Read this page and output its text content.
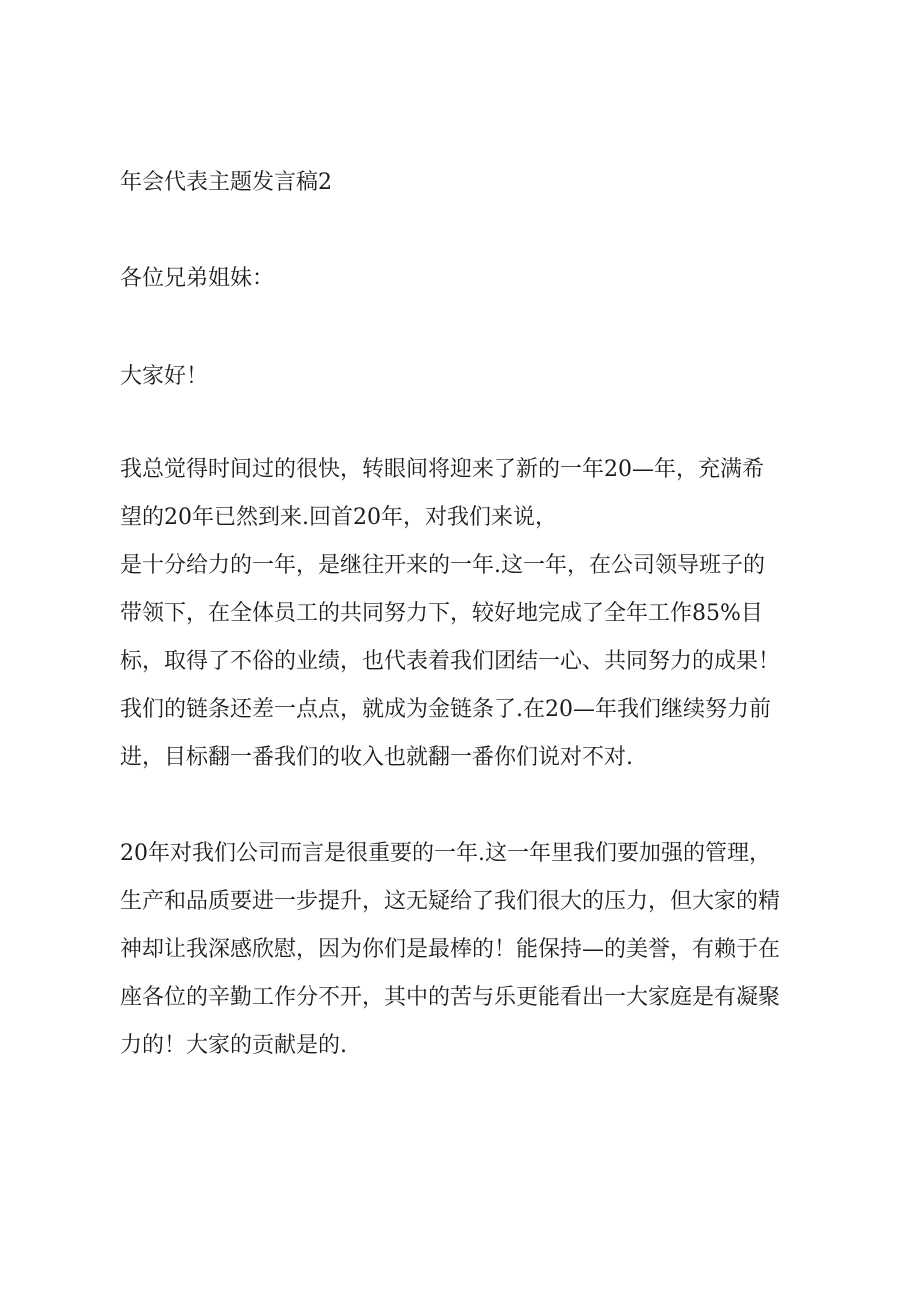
年会代表主题发言稿2

各位兄弟姐妹：

大家好！

我总觉得时间过的很快，转眼间将迎来了新的一年20—年，充满希

望的20年已然到来.回首20年，对我们来说，

是十分给力的一年，是继往开来的一年.这一年，在公司领导班子的

带领下，在全体员工的共同努力下，较好地完成了全年工作85%目

标，取得了不俗的业绩，也代表着我们团结一心、共同努力的成果！

我们的链条还差一点点，就成为金链条了.在20—年我们继续努力前

进，目标翻一番我们的收入也就翻一番你们说对不对.

20年对我们公司而言是很重要的一年.这一年里我们要加强的管理，

生产和品质要进一步提升，这无疑给了我们很大的压力，但大家的精

神却让我深感欣慰，因为你们是最棒的！能保持—的美誉，有赖于在

座各位的辛勤工作分不开，其中的苦与乐更能看出一大家庭是有凝聚

力的！大家的贡献是的.
